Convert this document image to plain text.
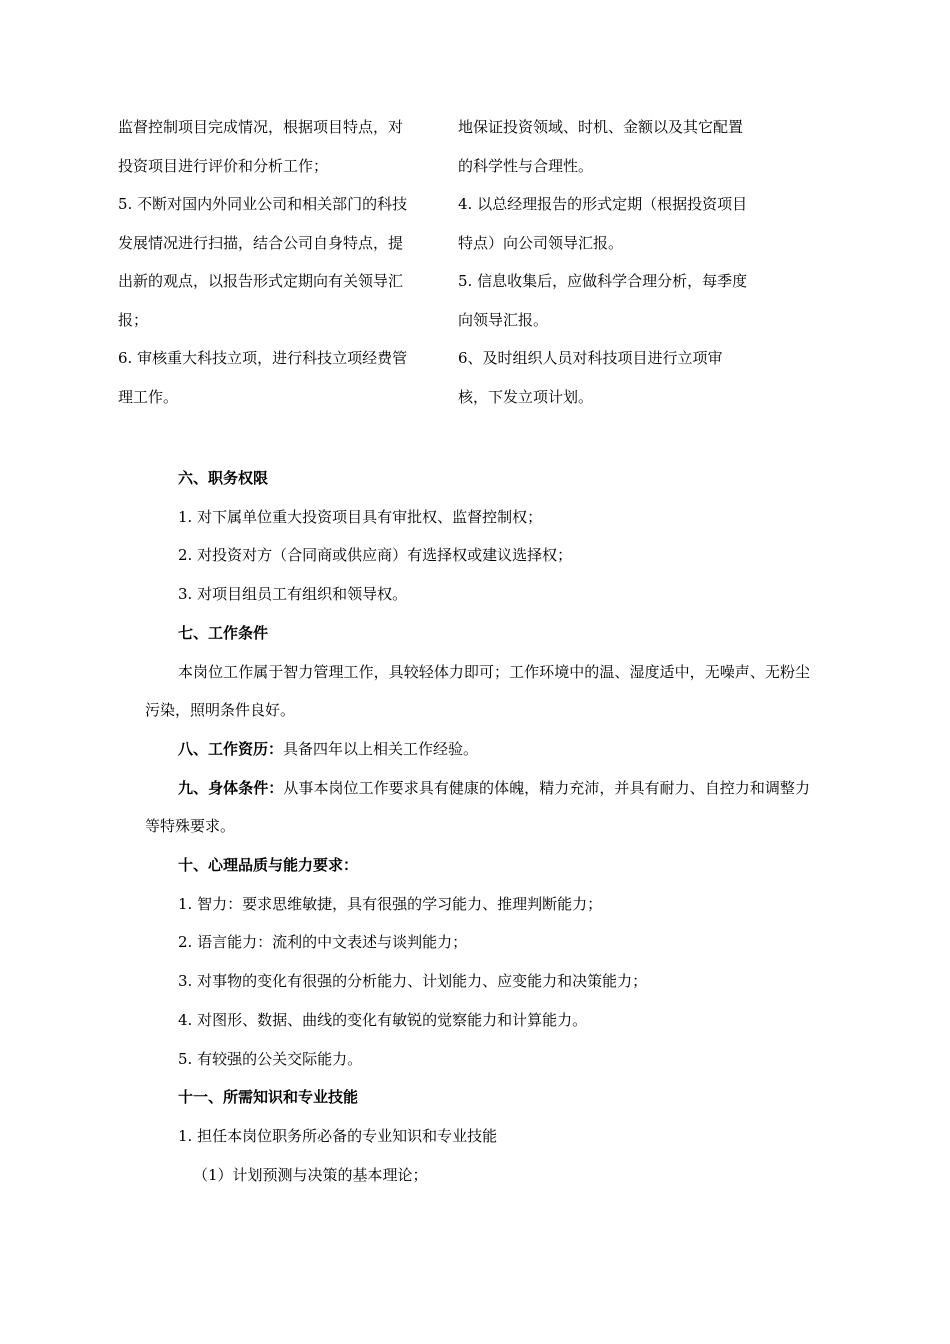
监督控制项目完成情况，根据项目特点，对

投资项目进行评价和分析工作；

5. 不断对国内外同业公司和相关部门的科技

发展情况进行扫描，结合公司自身特点，提

出新的观点，以报告形式定期向有关领导汇

报；

6. 审核重大科技立项，进行科技立项经费管

理工作。

地保证投资领域、时机、金额以及其它配置

的科学性与合理性。

4. 以总经理报告的形式定期（根据投资项目

特点）向公司领导汇报。

5. 信息收集后，应做科学合理分析，每季度

向领导汇报。

6、及时组织人员对科技项目进行立项审

核，下发立项计划。

六、职务权限

1. 对下属单位重大投资项目具有审批权、监督控制权；

2. 对投资对方（合同商或供应商）有选择权或建议选择权；

3. 对项目组员工有组织和领导权。

七、工作条件

本岗位工作属于智力管理工作，具较轻体力即可；工作环境中的温、湿度适中，无噪声、无粉尘污染，照明条件良好。

八、工作资历：具备四年以上相关工作经验。

九、身体条件：从事本岗位工作要求具有健康的体魄，精力充沛，并具有耐力、自控力和调整力等特殊要求。

十、心理品质与能力要求：

1. 智力：要求思维敏捷，具有很强的学习能力、推理判断能力；

2. 语言能力：流利的中文表述与谈判能力；

3. 对事物的变化有很强的分析能力、计划能力、应变能力和决策能力；

4. 对图形、数据、曲线的变化有敏锐的觉察能力和计算能力。

5. 有较强的公关交际能力。

十一、所需知识和专业技能

1. 担任本岗位职务所必备的专业知识和专业技能

（1）计划预测与决策的基本理论；
